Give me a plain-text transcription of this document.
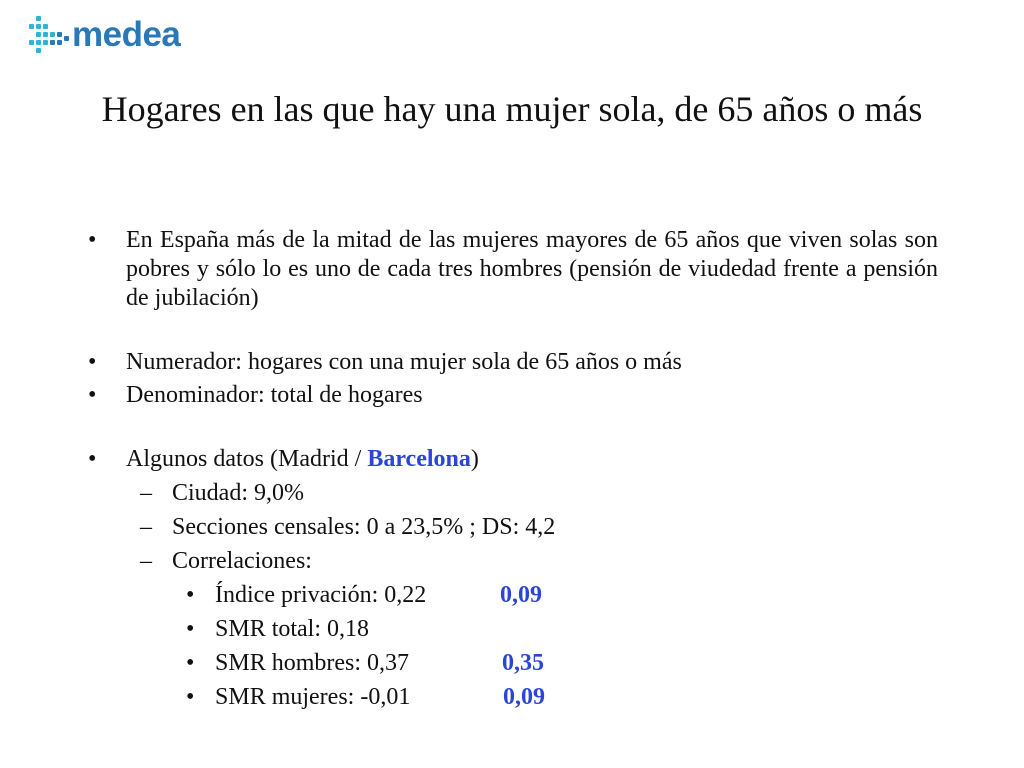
medea
Hogares en las que hay una mujer sola, de 65 años o más
• En España más de la mitad de las mujeres mayores de 65 años que viven solas son pobres y sólo lo es uno de cada tres hombres (pensión de viudedad frente a pensión de jubilación)
• Numerador: hogares con una mujer sola de 65 años o más
• Denominador: total de hogares
• Algunos datos (Madrid / Barcelona)
– Ciudad: 9,0%
– Secciones censales: 0 a 23,5% ; DS: 4,2
– Correlaciones:
• Índice privación: 0,22	0,09
• SMR total: 0,18
• SMR hombres: 0,37	0,35
• SMR mujeres: -0,01	0,09
